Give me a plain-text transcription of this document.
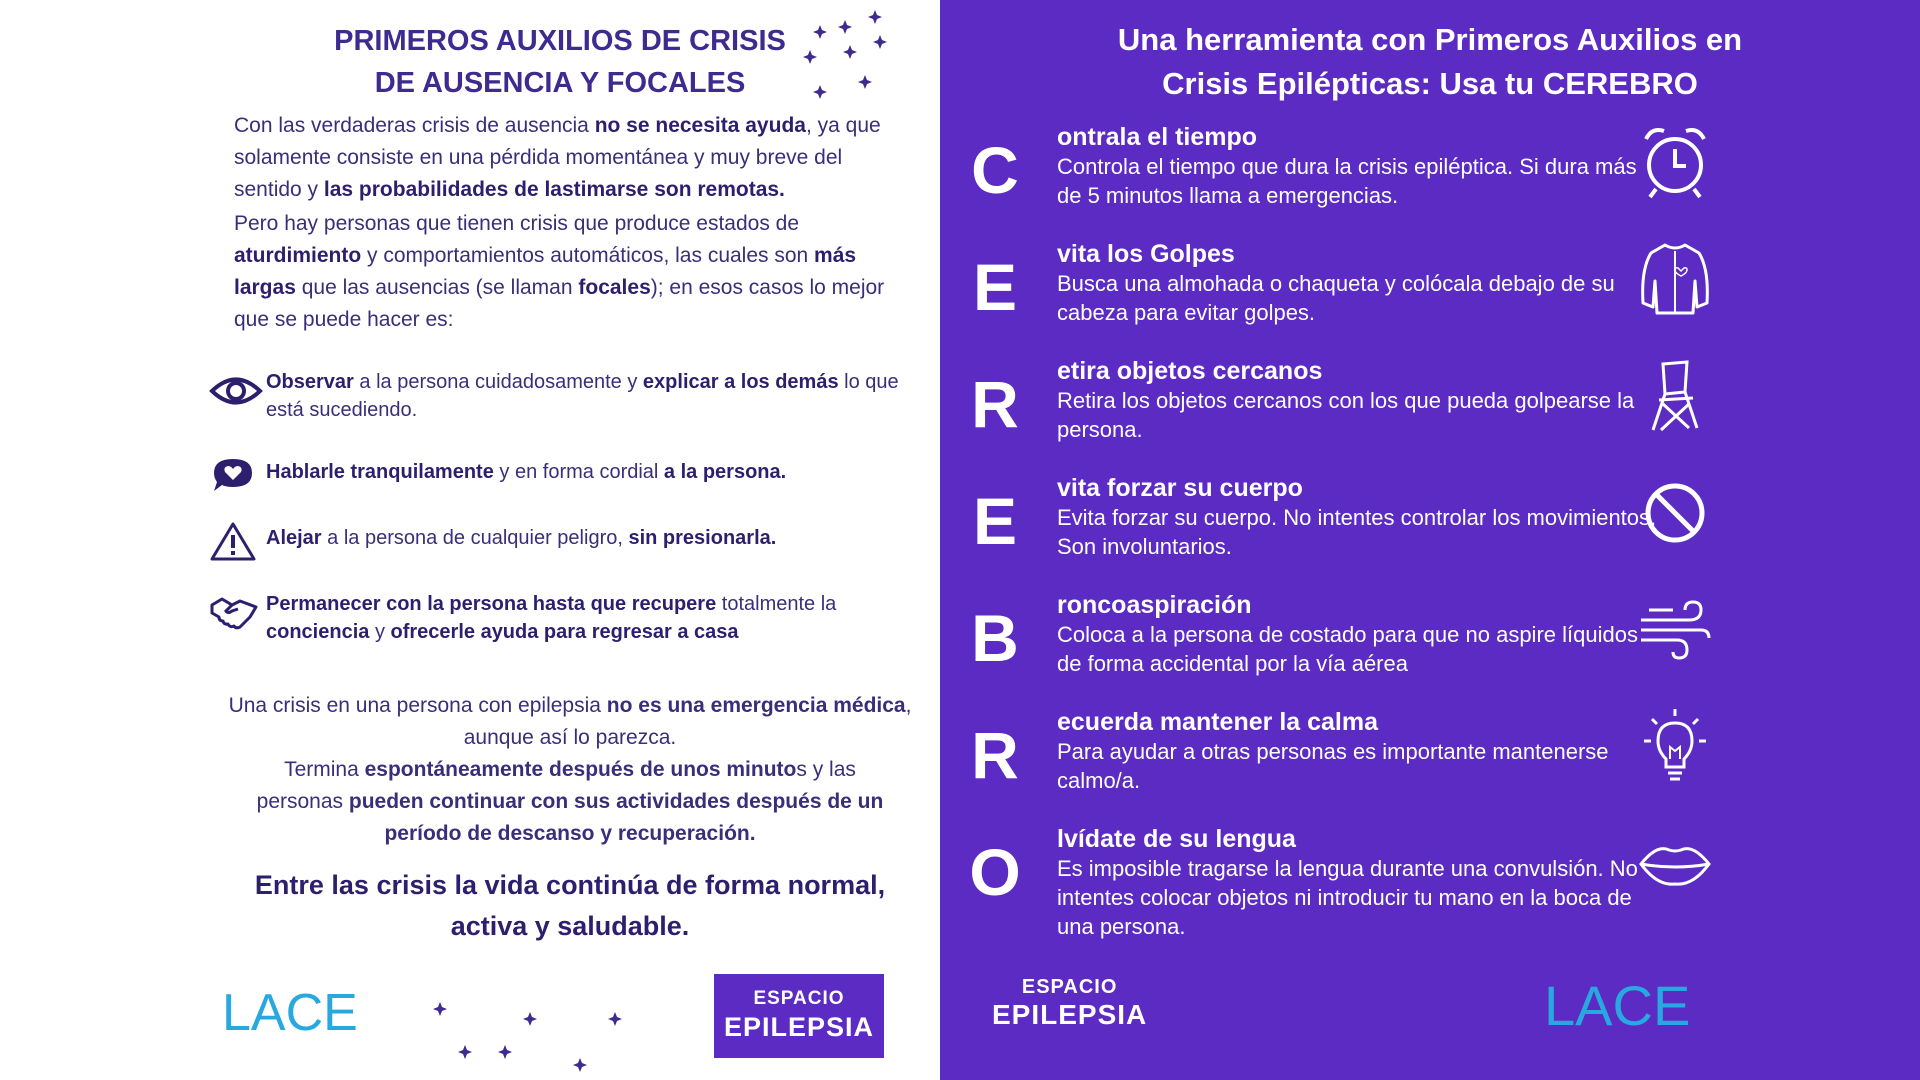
PRIMEROS AUXILIOS DE CRISIS
DE AUSENCIA Y FOCALES
Con las verdaderas crisis de ausencia no se necesita ayuda, ya que solamente consiste en una pérdida momentánea y muy breve del sentido y las probabilidades de lastimarse son remotas.
Pero hay personas que tienen crisis que produce estados de aturdimiento y comportamientos automáticos, las cuales son más largas que las ausencias (se llaman focales); en esos casos lo mejor que se puede hacer es:
Observar a la persona cuidadosamente y explicar a los demás lo que está sucediendo.
Hablarle tranquilamente y en forma cordial a la persona.
Alejar a la persona de cualquier peligro, sin presionarla.
Permanecer con la persona hasta que recupere totalmente la conciencia y ofrecerle ayuda para regresar a casa
Una crisis en una persona con epilepsia no es una emergencia médica, aunque así lo parezca.
Termina espontáneamente después de unos minutos y las personas pueden continuar con sus actividades después de un período de descanso y recuperación.
Entre las crisis la vida continúa de forma normal, activa y saludable.
LACE	ESPACIO
EPILEPSIA
Una herramienta con Primeros Auxilios en
Crisis Epilépticas: Usa tu CEREBRO
C	ontrala el tiempo
Controla el tiempo que dura la crisis epiléptica. Si dura más de 5 minutos llama a emergencias.
E	vita los Golpes
Busca una almohada o chaqueta y colócala debajo de su cabeza para evitar golpes.
R	etira objetos cercanos
Retira los objetos cercanos con los que pueda golpearse la persona.
E	vita forzar su cuerpo
Evita forzar su cuerpo. No intentes controlar los movimientos. Son involuntarios.
B	roncoaspiración
Coloca a la persona de costado para que no aspire líquidos de forma accidental por la vía aérea
R	ecuerda mantener la calma
Para ayudar a otras personas es importante mantenerse calmo/a.
O	lvídate de su lengua
Es imposible tragarse la lengua durante una convulsión. No intentes colocar objetos ni introducir tu mano en la boca de una persona.
ESPACIO
EPILEPSIA	LACE
